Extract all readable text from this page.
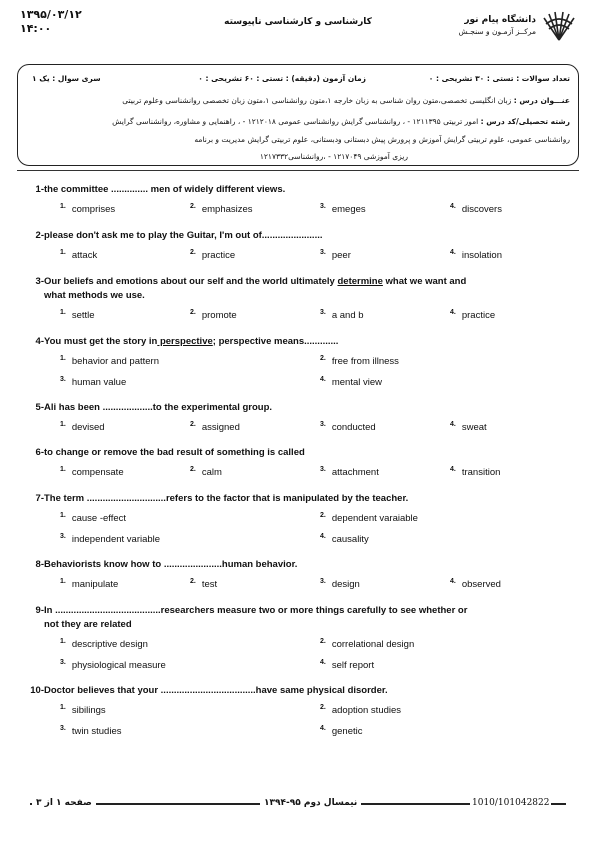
۱۳۹۵/۰۳/۱۲
۱۴:۰۰	کارشناسی و کارشناسی ناپیوسته	دانشگاه پیام نور
مرکــز آزمـون و سنجـش
تعداد سوالات : تستی : ۳۰ تشریحی : ۰
زمان آزمون (دقیقه) : تستی : ۶۰ تشریحی : ۰
سری سوال : یک ۱
عنـــوان درس : زبان انگلیسی تخصصی،متون روان شناسی به زبان خارجه ۱،متون روانشناسی ۱،متون زبان تخصصی روانشناسی وعلوم تربیتی
رشته تحصیلی/کد درس : امور تربیتی ۱۲۱۱۳۹۵ - ، روانشناسی گرایش روانشناسی عمومی ۱۲۱۲۰۱۸ - ، راهنمایی و مشاوره، روانشناسی گرایش
روانشناسی عمومی، علوم تربیتی گرایش آموزش و پرورش پیش دبستانی ودبستانی، علوم تربیتی گرایش مدیریت و برنامه
ریزی آموزشی ۱۲۱۷۰۴۹ - ،روانشناسی۱۲۱۷۳۳۲
1- the committee .............. men of widely different views.
$^{1.}$ comprises	$^{2.}$ emphasizes	$^{3.}$ emeges	$^{4.}$ discovers
2- please don't ask me to play the Guitar, I'm out of.......................
$^{1.}$ attack	$^{2.}$ practice	$^{3.}$ peer	$^{4.}$ insolation
3- Our beliefs and emotions about our self and the world ultimately determine what we want and
what methods we use.
$^{1.}$ settle	$^{2.}$ promote	$^{3.}$ a and b	$^{4.}$ practice
4- You must get the story in perspective; perspective means.............
$^{1.}$ behavior and pattern	$^{2.}$ free from illness
$^{3.}$ human value	$^{4.}$ mental view
5- Ali has been ...................to the experimental group.
$^{1.}$ devised	$^{2.}$ assigned	$^{3.}$ conducted	$^{4.}$ sweat
6- to change or remove the bad result of something is called
$^{1.}$ compensate	$^{2.}$ calm	$^{3.}$ attachment	$^{4.}$ transition
7- The term ..............................refers to the factor that is manipulated by the teacher.
$^{1.}$ cause -effect	$^{2.}$ dependent varaiable
$^{3.}$ independent variable	$^{4.}$ causality
8- Behaviorists know how to ......................human behavior.
$^{1.}$ manipulate	$^{2.}$ test	$^{3.}$ design	$^{4.}$ observed
9- In ........................................researchers measure two or more things carefully to see whether or
not they are related
$^{1.}$ descriptive design	$^{2.}$ correlational design
$^{3.}$ physiological measure	$^{4.}$ self report
10- Doctor believes that your ....................................have same physical disorder.
$^{1.}$ sibilings	$^{2.}$ adoption studies
$^{3.}$ twin studies	$^{4.}$ genetic
صفحه ۱ از ۳	نیمسال دوم ۹۵-۱۳۹۴	1010/101042822
